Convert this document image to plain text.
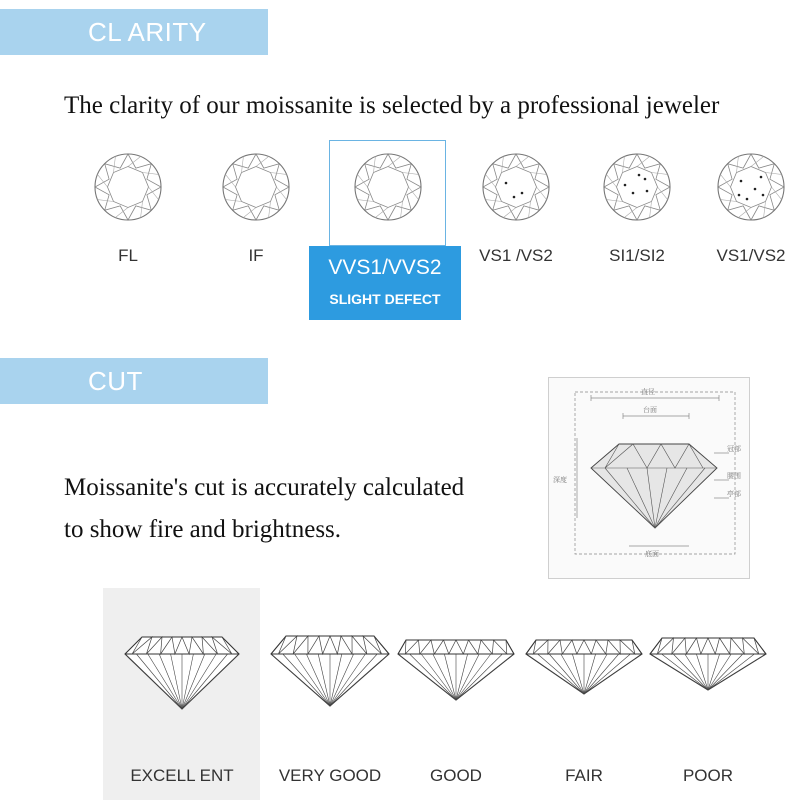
CL ARITY
The clarity of our moissanite is selected by a professional jeweler
FL	IF	VS1 /VS2	SI1/SI2	VS1/VS2
VVS1/VVS2
SLIGHT DEFECT
CUT
Moissanite's cut is accurately calculated
to show fire and brightness.
直径
台面
深度
冠部
腰围
亭部
底面
EXCELL ENT	VERY GOOD	GOOD	FAIR	POOR
